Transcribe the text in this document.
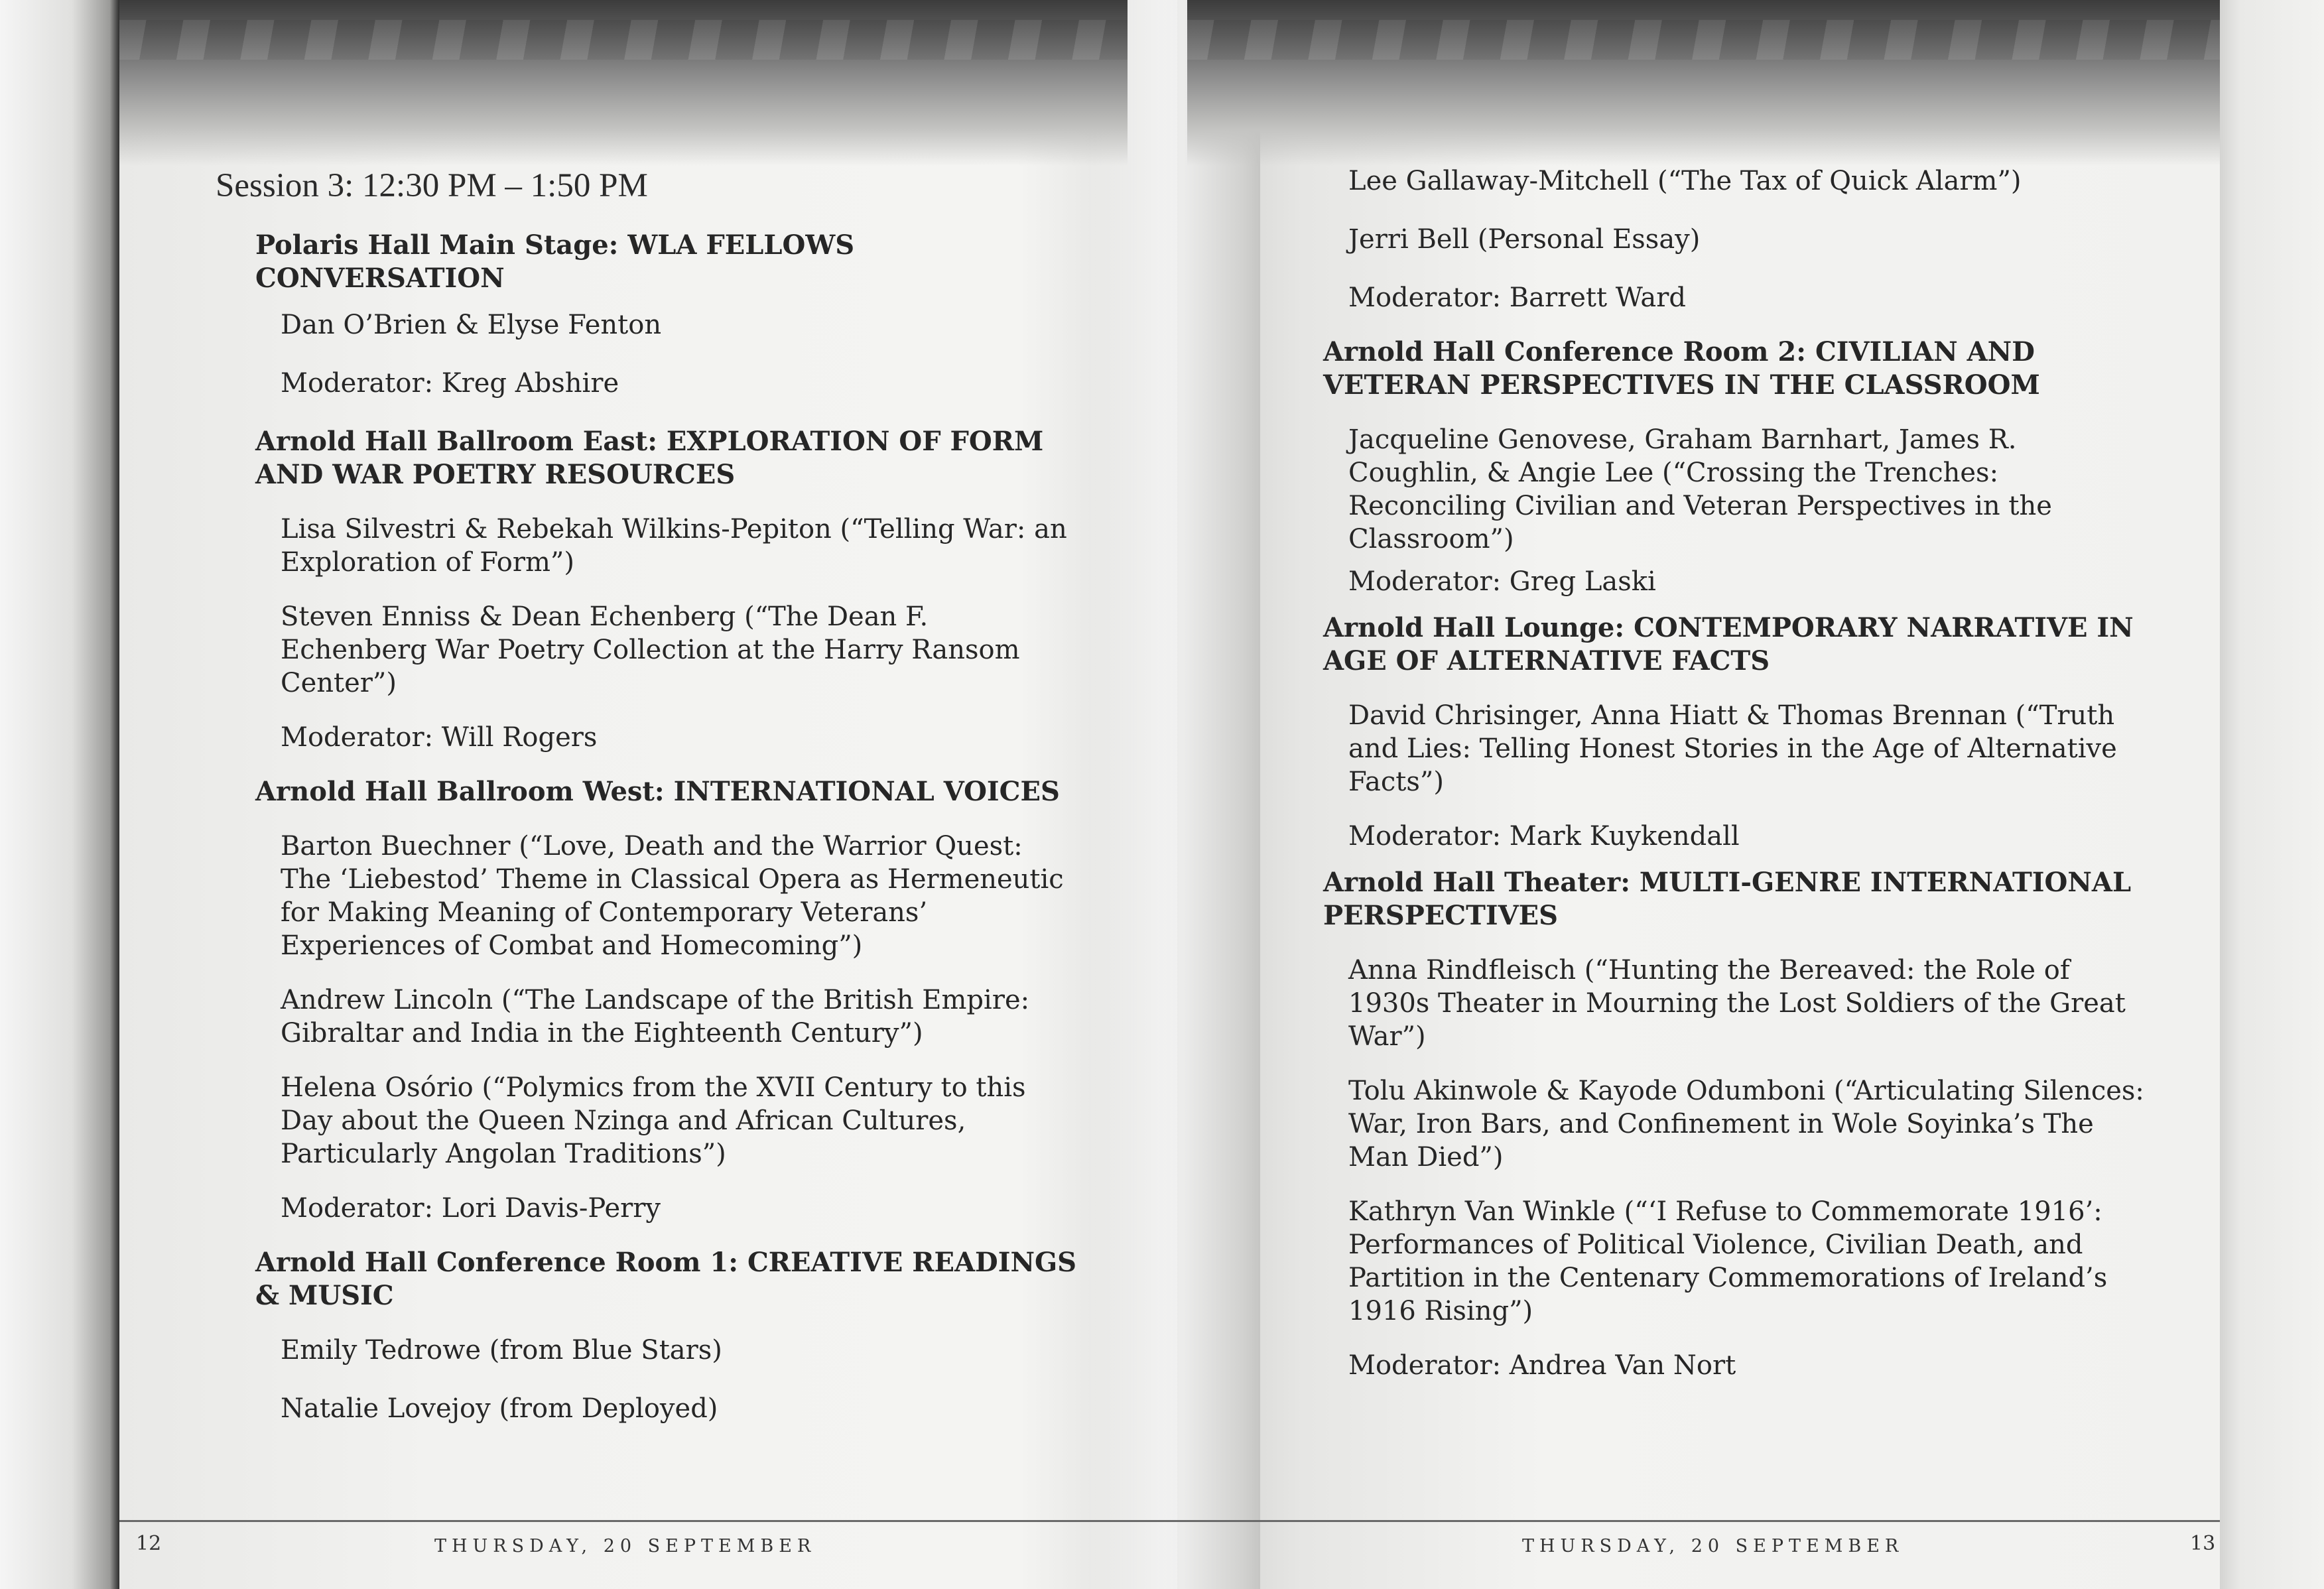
Session 3: 12:30 PM – 1:50 PM

Polaris Hall Main Stage: WLA FELLOWS CONVERSATION

Dan O’Brien & Elyse Fenton

Moderator: Kreg Abshire

Arnold Hall Ballroom East: EXPLORATION OF FORM AND WAR POETRY RESOURCES

Lisa Silvestri & Rebekah Wilkins-Pepiton (“Telling War: an Exploration of Form”)

Steven Enniss & Dean Echenberg (“The Dean F. Echenberg War Poetry Collection at the Harry Ransom Center”)

Moderator: Will Rogers

Arnold Hall Ballroom West: INTERNATIONAL VOICES

Barton Buechner (“Love, Death and the Warrior Quest: The ‘Liebestod’ Theme in Classical Opera as Hermeneutic for Making Meaning of Contemporary Veterans’ Experiences of Combat and Homecoming”)

Andrew Lincoln (“The Landscape of the British Empire: Gibraltar and India in the Eighteenth Century”)

Helena Osório (“Polymics from the XVII Century to this Day about the Queen Nzinga and African Cultures, Particularly Angolan Traditions”)

Moderator: Lori Davis-Perry

Arnold Hall Conference Room 1: CREATIVE READINGS & MUSIC

Emily Tedrowe (from Blue Stars)

Natalie Lovejoy (from Deployed)

Lee Gallaway-Mitchell (“The Tax of Quick Alarm”)

Jerri Bell (Personal Essay)

Moderator: Barrett Ward

Arnold Hall Conference Room 2: CIVILIAN AND VETERAN PERSPECTIVES IN THE CLASSROOM

Jacqueline Genovese, Graham Barnhart, James R. Coughlin, & Angie Lee (“Crossing the Trenches: Reconciling Civilian and Veteran Perspectives in the Classroom”)

Moderator: Greg Laski

Arnold Hall Lounge: CONTEMPORARY NARRATIVE IN AGE OF ALTERNATIVE FACTS

David Chrisinger, Anna Hiatt & Thomas Brennan (“Truth and Lies: Telling Honest Stories in the Age of Alternative Facts”)

Moderator: Mark Kuykendall

Arnold Hall Theater: MULTI-GENRE INTERNATIONAL PERSPECTIVES

Anna Rindfleisch (“Hunting the Bereaved: the Role of 1930s Theater in Mourning the Lost Soldiers of the Great War”)

Tolu Akinwole & Kayode Odumboni (“Articulating Silences: War, Iron Bars, and Confinement in Wole Soyinka’s The Man Died”)

Kathryn Van Winkle (“‘I Refuse to Commemorate 1916’: Performances of Political Violence, Civilian Death, and Partition in the Centenary Commemorations of Ireland’s 1916 Rising”)

Moderator: Andrea Van Nort

12	THURSDAY, 20 SEPTEMBER	THURSDAY, 20 SEPTEMBER	13
